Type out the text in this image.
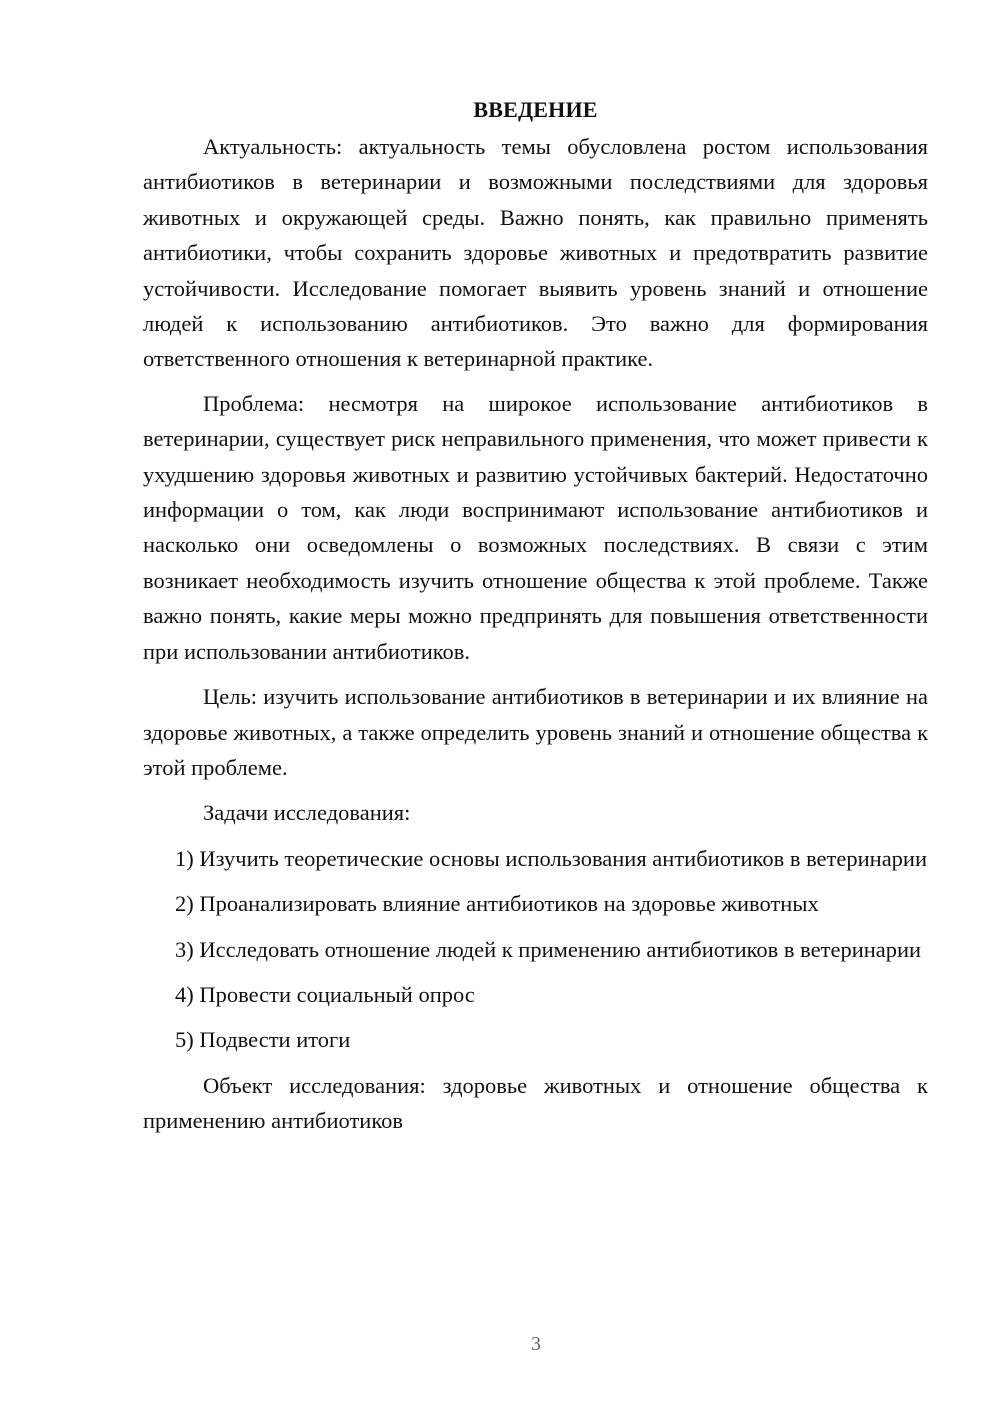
ВВЕДЕНИЕ

Актуальность: актуальность темы обусловлена ростом использования антибиотиков в ветеринарии и возможными последствиями для здоровья животных и окружающей среды. Важно понять, как правильно применять антибиотики, чтобы сохранить здоровье животных и предотвратить развитие устойчивости. Исследование помогает выявить уровень знаний и отношение людей к использованию антибиотиков. Это важно для формирования ответственного отношения к ветеринарной практике.

Проблема: несмотря на широкое использование антибиотиков в ветеринарии, существует риск неправильного применения, что может привести к ухудшению здоровья животных и развитию устойчивых бактерий. Недостаточно информации о том, как люди воспринимают использование антибиотиков и насколько они осведомлены о возможных последствиях. В связи с этим возникает необходимость изучить отношение общества к этой проблеме. Также важно понять, какие меры можно предпринять для повышения ответственности при использовании антибиотиков.

Цель: изучить использование антибиотиков в ветеринарии и их влияние на здоровье животных, а также определить уровень знаний и отношение общества к этой проблеме.

Задачи исследования:

1) Изучить теоретические основы использования антибиотиков в ветеринарии

2) Проанализировать влияние антибиотиков на здоровье животных

3) Исследовать отношение людей к применению антибиотиков в ветеринарии

4) Провести социальный опрос

5) Подвести итоги

Объект исследования: здоровье животных и отношение общества к применению антибиотиков

3
